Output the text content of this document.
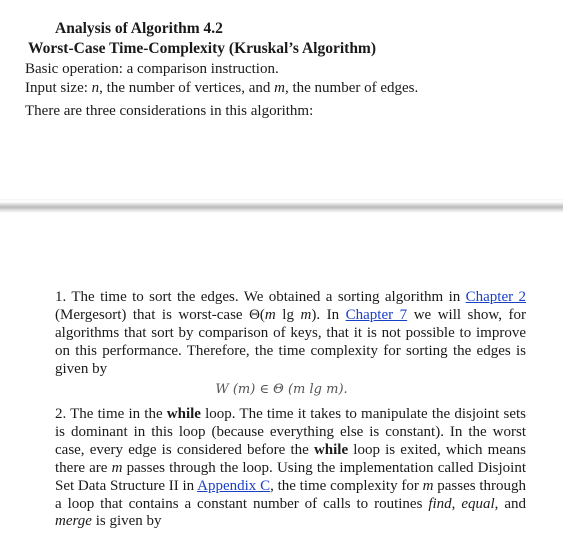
Analysis of Algorithm 4.2
Worst-Case Time-Complexity (Kruskal’s Algorithm)
Basic operation: a comparison instruction.
Input size: n, the number of vertices, and m, the number of edges.
There are three considerations in this algorithm:
1. The time to sort the edges. We obtained a sorting algorithm in Chapter 2 (Mergesort) that is worst-case Θ(m lg m). In Chapter 7 we will show, for algorithms that sort by comparison of keys, that it is not possible to improve on this performance. Therefore, the time complexity for sorting the edges is given by
W (m) ∈ Θ (m lg m).
2. The time in the while loop. The time it takes to manipulate the disjoint sets is dominant in this loop (because everything else is constant). In the worst case, every edge is considered before the while loop is exited, which means there are m passes through the loop. Using the implementation called Disjoint Set Data Structure II in Appendix C, the time complexity for m passes through a loop that contains a constant number of calls to routines find, equal, and merge is given by
